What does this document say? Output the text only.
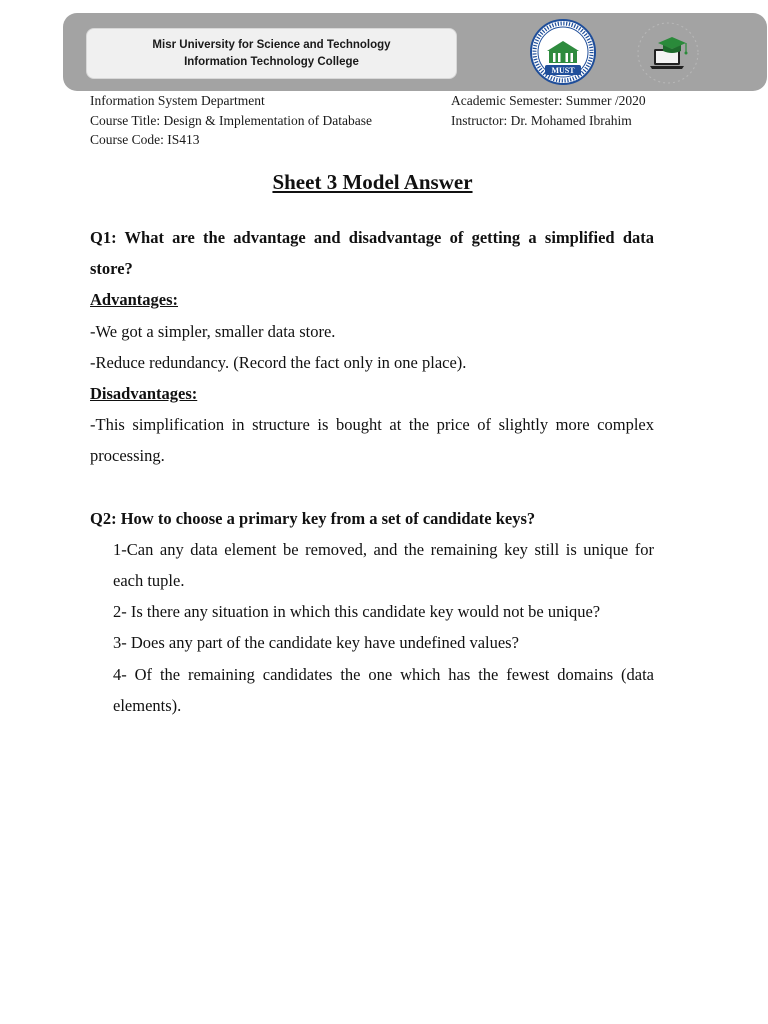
Misr University for Science and Technology
Information Technology College
MUST
Information System Department
Course Title: Design & Implementation of Database
Course Code: IS413
Academic Semester: Summer /2020
Instructor: Dr. Mohamed Ibrahim
Sheet 3 Model Answer

Q1: What are the advantage and disadvantage of getting a simplified data store?

Advantages:

-We got a simpler, smaller data store.

-Reduce redundancy. (Record the fact only in one place).

Disadvantages:

-This simplification in structure is bought at the price of slightly more complex processing.

Q2: How to choose a primary key from a set of candidate keys?

1-Can any data element be removed, and the remaining key still is unique for each tuple.

2- Is there any situation in which this candidate key would not be unique?

3- Does any part of the candidate key have undefined values?

4- Of the remaining candidates the one which has the fewest domains (data elements).
